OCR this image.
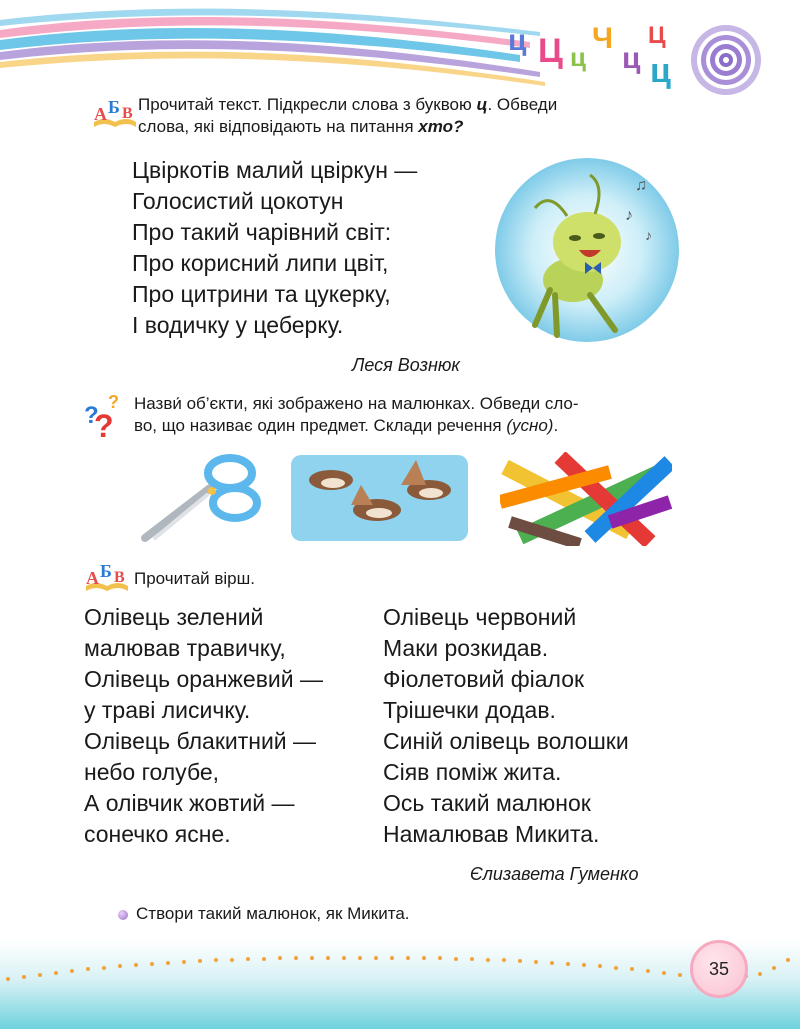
ц Ц ц
Ч
ц
Ц
ц
А Б В Прочитай текст. Підкресли слова з буквою ц. Обведи
слова, які відповідають на питання хто?
Цвіркотів малий цвіркун —
Голосистий цокотун
Про такий чарівний світ:
Про корисний липи цвіт,
Про цитрини та цукерку,
І водичку у цеберку.
Леся Вознюк
♫
♪
♪
?
?
? Назви́ об’єкти, які зображено на малюнках. Обведи сло-
во, що називає один предмет. Склади речення (усно).
А Б В Прочитай вірш.
Олівець зелений
малював травичку,
Олівець оранжевий —
у траві лисичку.
Олівець блакитний —
небо голубе,
А олівчик жовтий —
сонечко ясне.
Олівець червоний
Маки розкидав.
Фіолетовий фіалок
Трішечки додав.
Синій олівець волошки
Сіяв поміж жита.
Ось такий малюнок
Намалював Микита.
Єлизавета Гуменко
Створи такий малюнок, як Микита.
35
